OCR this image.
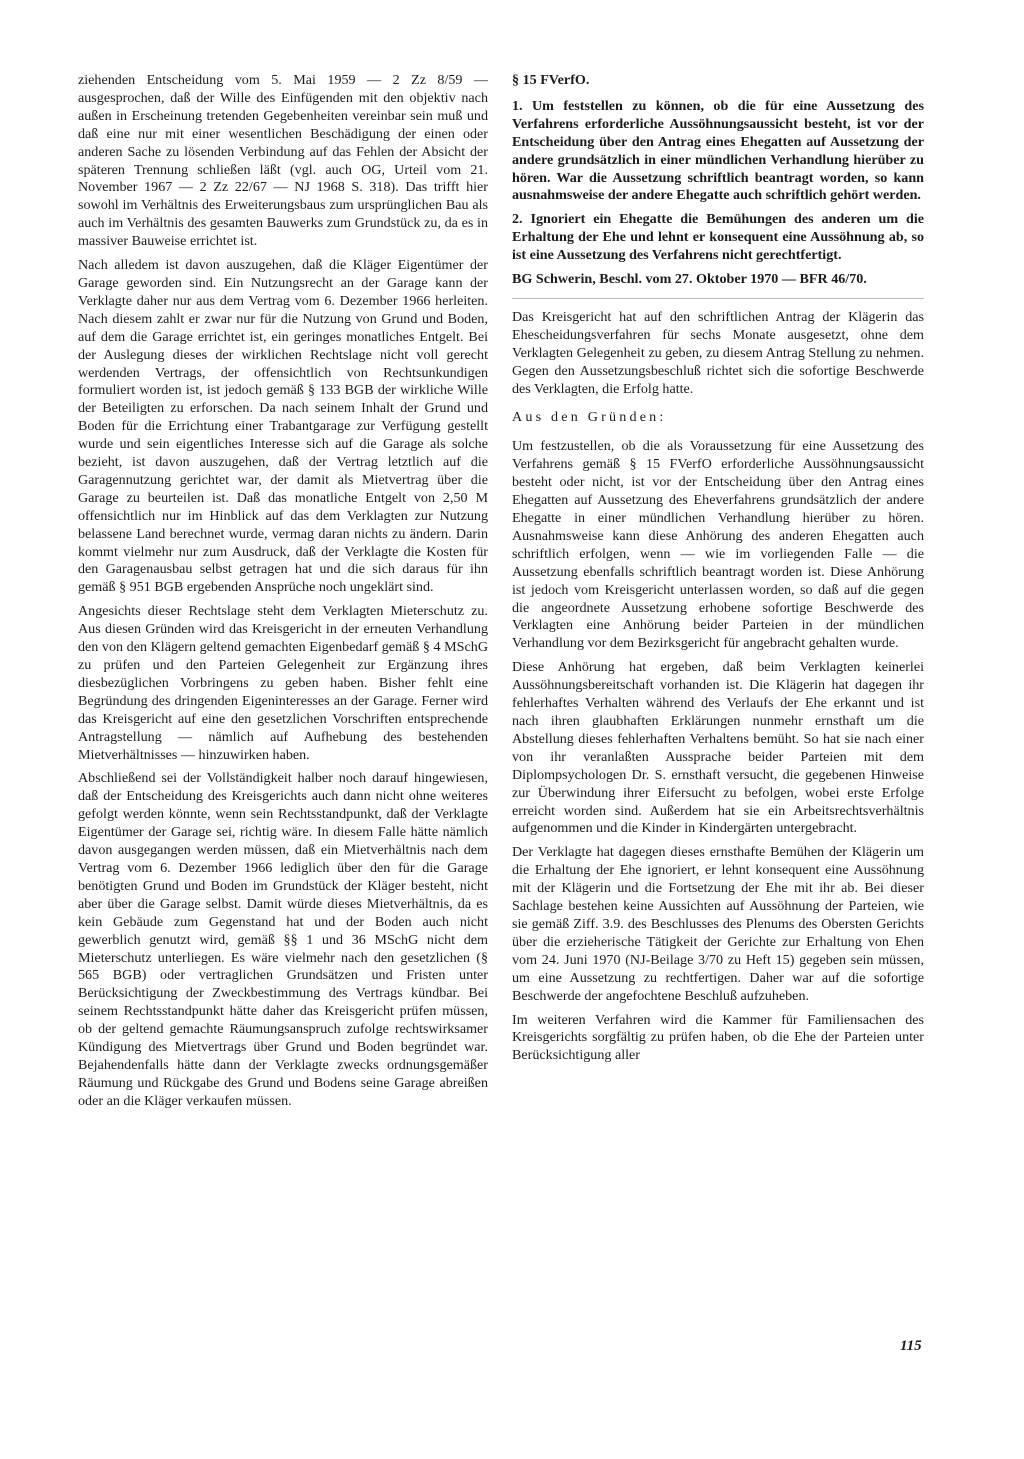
ziehenden Entscheidung vom 5. Mai 1959 — 2 Zz 8/59 — ausgesprochen, daß der Wille des Einfügenden mit den objektiv nach außen in Erscheinung tretenden Gegebenheiten vereinbar sein muß und daß eine nur mit einer wesentlichen Beschädigung der einen oder anderen Sache zu lösenden Verbindung auf das Fehlen der Absicht der späteren Trennung schließen läßt (vgl. auch OG, Urteil vom 21. November 1967 — 2 Zz 22/67 — NJ 1968 S. 318). Das trifft hier sowohl im Verhältnis des Erweiterungsbaus zum ursprünglichen Bau als auch im Verhältnis des gesamten Bauwerks zum Grundstück zu, da es in massiver Bauweise errichtet ist.

Nach alledem ist davon auszugehen, daß die Kläger Eigentümer der Garage geworden sind. Ein Nutzungsrecht an der Garage kann der Verklagte daher nur aus dem Vertrag vom 6. Dezember 1966 herleiten. Nach diesem zahlt er zwar nur für die Nutzung von Grund und Boden, auf dem die Garage errichtet ist, ein geringes monatliches Entgelt. Bei der Auslegung dieses der wirklichen Rechtslage nicht voll gerecht werdenden Vertrags, der offensichtlich von Rechtsunkundigen formuliert worden ist, ist jedoch gemäß § 133 BGB der wirkliche Wille der Beteiligten zu erforschen. Da nach seinem Inhalt der Grund und Boden für die Errichtung einer Trabantgarage zur Verfügung gestellt wurde und sein eigentliches Interesse sich auf die Garage als solche bezieht, ist davon auszugehen, daß der Vertrag letztlich auf die Garagennutzung gerichtet war, der damit als Mietvertrag über die Garage zu beurteilen ist. Daß das monatliche Entgelt von 2,50 M offensichtlich nur im Hinblick auf das dem Verklagten zur Nutzung belassene Land berechnet wurde, vermag daran nichts zu ändern. Darin kommt vielmehr nur zum Ausdruck, daß der Verklagte die Kosten für den Garagenausbau selbst getragen hat und die sich daraus für ihn gemäß § 951 BGB ergebenden Ansprüche noch ungeklärt sind.

Angesichts dieser Rechtslage steht dem Verklagten Mieterschutz zu. Aus diesen Gründen wird das Kreisgericht in der erneuten Verhandlung den von den Klägern geltend gemachten Eigenbedarf gemäß § 4 MSchG zu prüfen und den Parteien Gelegenheit zur Ergänzung ihres diesbezüglichen Vorbringens zu geben haben. Bisher fehlt eine Begründung des dringenden Eigeninteresses an der Garage. Ferner wird das Kreisgericht auf eine den gesetzlichen Vorschriften entsprechende Antragstellung — nämlich auf Aufhebung des bestehenden Mietverhältnisses — hinzuwirken haben.

Abschließend sei der Vollständigkeit halber noch darauf hingewiesen, daß der Entscheidung des Kreisgerichts auch dann nicht ohne weiteres gefolgt werden könnte, wenn sein Rechtsstandpunkt, daß der Verklagte Eigentümer der Garage sei, richtig wäre. In diesem Falle hätte nämlich davon ausgegangen werden müssen, daß ein Mietverhältnis nach dem Vertrag vom 6. Dezember 1966 lediglich über den für die Garage benötigten Grund und Boden im Grundstück der Kläger besteht, nicht aber über die Garage selbst. Damit würde dieses Mietverhältnis, da es kein Gebäude zum Gegenstand hat und der Boden auch nicht gewerblich genutzt wird, gemäß §§ 1 und 36 MSchG nicht dem Mieterschutz unterliegen. Es wäre vielmehr nach den gesetzlichen (§ 565 BGB) oder vertraglichen Grundsätzen und Fristen unter Berücksichtigung der Zweckbestimmung des Vertrags kündbar. Bei seinem Rechtsstandpunkt hätte daher das Kreisgericht prüfen müssen, ob der geltend gemachte Räumungsanspruch zufolge rechtswirksamer Kündigung des Mietvertrags über Grund und Boden begründet war. Bejahendenfalls hätte dann der Verklagte zwecks ordnungsgemäßer Räumung und Rückgabe des Grund und Bodens seine Garage abreißen oder an die Kläger verkaufen müssen.

§ 15 FVerfO.

1. Um feststellen zu können, ob die für eine Aussetzung des Verfahrens erforderliche Aussöhnungsaussicht besteht, ist vor der Entscheidung über den Antrag eines Ehegatten auf Aussetzung der andere grundsätzlich in einer mündlichen Verhandlung hierüber zu hören. War die Aussetzung schriftlich beantragt worden, so kann ausnahmsweise der andere Ehegatte auch schriftlich gehört werden.

2. Ignoriert ein Ehegatte die Bemühungen des anderen um die Erhaltung der Ehe und lehnt er konsequent eine Aussöhnung ab, so ist eine Aussetzung des Verfahrens nicht gerechtfertigt.

BG Schwerin, Beschl. vom 27. Oktober 1970 — BFR 46/70.

Das Kreisgericht hat auf den schriftlichen Antrag der Klägerin das Ehescheidungsverfahren für sechs Monate ausgesetzt, ohne dem Verklagten Gelegenheit zu geben, zu diesem Antrag Stellung zu nehmen. Gegen den Aussetzungsbeschluß richtet sich die sofortige Beschwerde des Verklagten, die Erfolg hatte.

Aus den Gründen:

Um festzustellen, ob die als Voraussetzung für eine Aussetzung des Verfahrens gemäß § 15 FVerfO erforderliche Aussöhnungsaussicht besteht oder nicht, ist vor der Entscheidung über den Antrag eines Ehegatten auf Aussetzung des Eheverfahrens grundsätzlich der andere Ehegatte in einer mündlichen Verhandlung hierüber zu hören. Ausnahmsweise kann diese Anhörung des anderen Ehegatten auch schriftlich erfolgen, wenn — wie im vorliegenden Falle — die Aussetzung ebenfalls schriftlich beantragt worden ist. Diese Anhörung ist jedoch vom Kreisgericht unterlassen worden, so daß auf die gegen die angeordnete Aussetzung erhobene sofortige Beschwerde des Verklagten eine Anhörung beider Parteien in der mündlichen Verhandlung vor dem Bezirksgericht für angebracht gehalten wurde.

Diese Anhörung hat ergeben, daß beim Verklagten keinerlei Aussöhnungsbereitschaft vorhanden ist. Die Klägerin hat dagegen ihr fehlerhaftes Verhalten während des Verlaufs der Ehe erkannt und ist nach ihren glaubhaften Erklärungen nunmehr ernsthaft um die Abstellung dieses fehlerhaften Verhaltens bemüht. So hat sie nach einer von ihr veranlaßten Aussprache beider Parteien mit dem Diplompsychologen Dr. S. ernsthaft versucht, die gegebenen Hinweise zur Überwindung ihrer Eifersucht zu befolgen, wobei erste Erfolge erreicht worden sind. Außerdem hat sie ein Arbeitsrechtsverhältnis aufgenommen und die Kinder in Kindergärten untergebracht.

Der Verklagte hat dagegen dieses ernsthafte Bemühen der Klägerin um die Erhaltung der Ehe ignoriert, er lehnt konsequent eine Aussöhnung mit der Klägerin und die Fortsetzung der Ehe mit ihr ab. Bei dieser Sachlage bestehen keine Aussichten auf Aussöhnung der Parteien, wie sie gemäß Ziff. 3.9. des Beschlusses des Plenums des Obersten Gerichts über die erzieherische Tätigkeit der Gerichte zur Erhaltung von Ehen vom 24. Juni 1970 (NJ-Beilage 3/70 zu Heft 15) gegeben sein müssen, um eine Aussetzung zu rechtfertigen. Daher war auf die sofortige Beschwerde der angefochtene Beschluß aufzuheben.

Im weiteren Verfahren wird die Kammer für Familiensachen des Kreisgerichts sorgfältig zu prüfen haben, ob die Ehe der Parteien unter Berücksichtigung aller

115
